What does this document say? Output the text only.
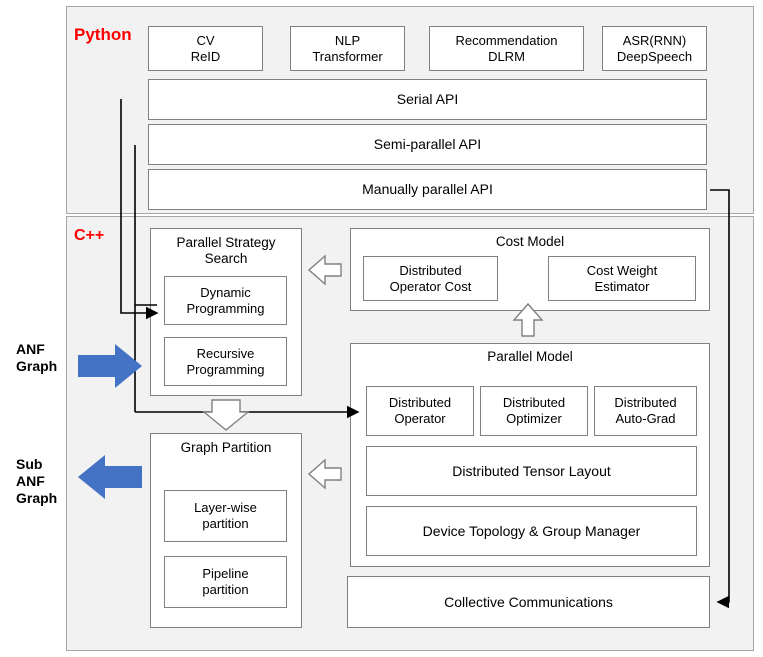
Python
C++
CV
ReID
NLP
Transformer
Recommendation
DLRM
ASR(RNN)
DeepSpeech
Serial API
Semi-parallel API
Manually parallel API
Parallel Strategy
Search
Dynamic
Programming
Recursive
Programming
Cost Model
Distributed
Operator Cost
Cost Weight
Estimator
Parallel Model
Distributed
Operator
Distributed
Optimizer
Distributed
Auto-Grad
Distributed Tensor Layout
Device Topology & Group Manager
Collective Communications
Graph Partition
Layer-wise
partition
Pipeline
partition
ANF
Graph
Sub
ANF
Graph
